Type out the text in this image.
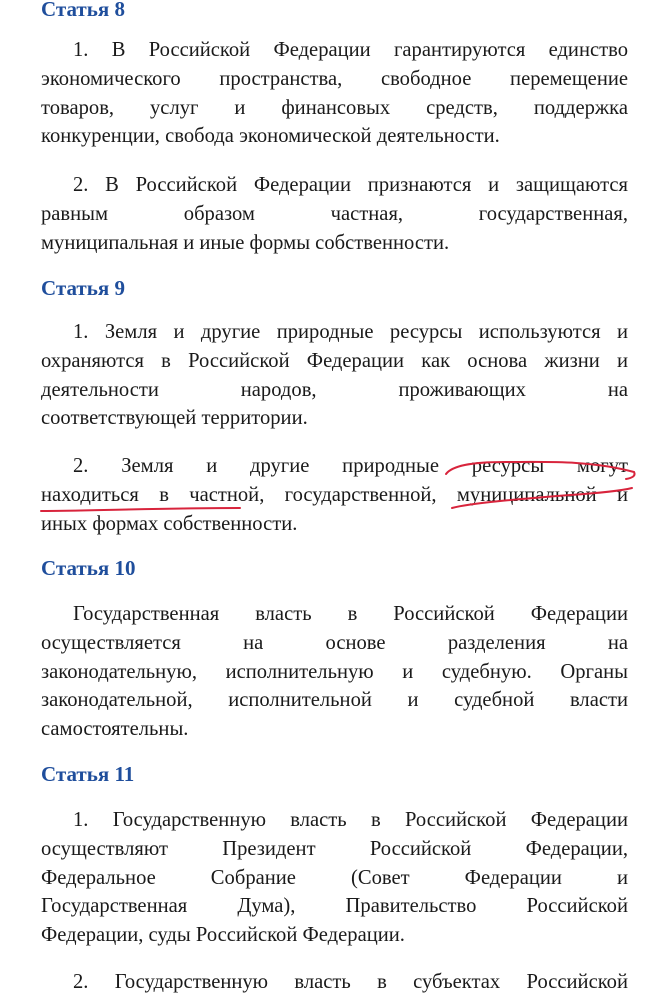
Статья 8
1. В Российской Федерации гарантируются единство
экономического пространства, свободное перемещение
товаров, услуг и финансовых средств, поддержка
конкуренции, свобода экономической деятельности.
2. В Российской Федерации признаются и защищаются
равным образом частная, государственная,
муниципальная и иные формы собственности.
Статья 9
1. Земля и другие природные ресурсы используются и
охраняются в Российской Федерации как основа жизни и
деятельности народов, проживающих на
соответствующей территории.
2. Земля и другие природные ресурсы могут
находиться в частной, государственной, муниципальной и
иных формах собственности.
Статья 10
Государственная власть в Российской Федерации
осуществляется на основе разделения на
законодательную, исполнительную и судебную. Органы
законодательной, исполнительной и судебной власти
самостоятельны.
Статья 11
1. Государственную власть в Российской Федерации
осуществляют Президент Российской Федерации,
Федеральное Собрание (Совет Федерации и
Государственная Дума), Правительство Российской
Федерации, суды Российской Федерации.
2. Государственную власть в субъектах Российской
